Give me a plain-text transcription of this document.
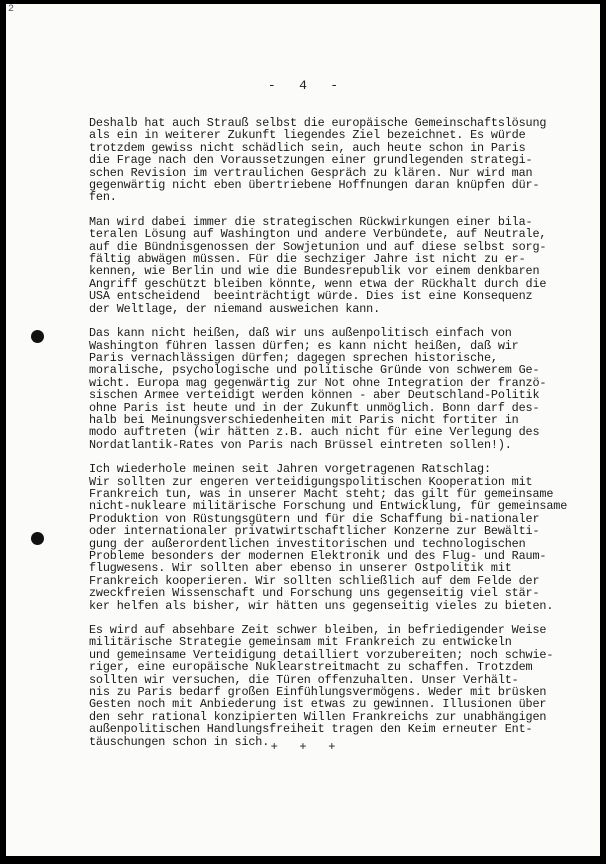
2
-   4   -
Deshalb hat auch Strauß selbst die europäische Gemeinschaftslösung
als ein in weiterer Zukunft liegendes Ziel bezeichnet. Es würde
trotzdem gewiss nicht schädlich sein, auch heute schon in Paris
die Frage nach den Voraussetzungen einer grundlegenden strategi-
schen Revision im vertraulichen Gespräch zu klären. Nur wird man
gegenwärtig nicht eben übertriebene Hoffnungen daran knüpfen dür-
fen.
Man wird dabei immer die strategischen Rückwirkungen einer bila-
teralen Lösung auf Washington und andere Verbündete, auf Neutrale,
auf die Bündnisgenossen der Sowjetunion und auf diese selbst sorg-
fältig abwägen müssen. Für die sechziger Jahre ist nicht zu er-
kennen, wie Berlin und wie die Bundesrepublik vor einem denkbaren
Angriff geschützt bleiben könnte, wenn etwa der Rückhalt durch die
USA entscheidend  beeinträchtigt würde. Dies ist eine Konsequenz
der Weltlage, der niemand ausweichen kann.
Das kann nicht heißen, daß wir uns außenpolitisch einfach von
Washington führen lassen dürfen; es kann nicht heißen, daß wir
Paris vernachlässigen dürfen; dagegen sprechen historische,
moralische, psychologische und politische Gründe von schwerem Ge-
wicht. Europa mag gegenwärtig zur Not ohne Integration der franzö-
sischen Armee verteidigt werden können - aber Deutschland-Politik
ohne Paris ist heute und in der Zukunft unmöglich. Bonn darf des-
halb bei Meinungsverschiedenheiten mit Paris nicht fortiter in
modo auftreten (wir hätten z.B. auch nicht für eine Verlegung des
Nordatlantik-Rates von Paris nach Brüssel eintreten sollen!).
Ich wiederhole meinen seit Jahren vorgetragenen Ratschlag:
Wir sollten zur engeren verteidigungspolitischen Kooperation mit
Frankreich tun, was in unserer Macht steht; das gilt für gemeinsame
nicht-nukleare militärische Forschung und Entwicklung, für gemeinsame
Produktion von Rüstungsgütern und für die Schaffung bi-nationaler
oder internationaler privatwirtschaftlicher Konzerne zur Bewälti-
gung der außerordentlichen investitorischen und technologischen
Probleme besonders der modernen Elektronik und des Flug- und Raum-
flugwesens. Wir sollten aber ebenso in unserer Ostpolitik mit
Frankreich kooperieren. Wir sollten schließlich auf dem Felde der
zweckfreien Wissenschaft und Forschung uns gegenseitig viel stär-
ker helfen als bisher, wir hätten uns gegenseitig vieles zu bieten.
Es wird auf absehbare Zeit schwer bleiben, in befriedigender Weise
militärische Strategie gemeinsam mit Frankreich zu entwickeln
und gemeinsame Verteidigung detailliert vorzubereiten; noch schwie-
riger, eine europäische Nuklearstreitmacht zu schaffen. Trotzdem
sollten wir versuchen, die Türen offenzuhalten. Unser Verhält-
nis zu Paris bedarf großen Einfühlungsvermögens. Weder mit brüsken
Gesten noch mit Anbiederung ist etwas zu gewinnen. Illusionen über
den sehr rational konzipierten Willen Frankreichs zur unabhängigen
außenpolitischen Handlungsfreiheit tragen den Keim erneuter Ent-
täuschungen schon in sich. +   +   +
